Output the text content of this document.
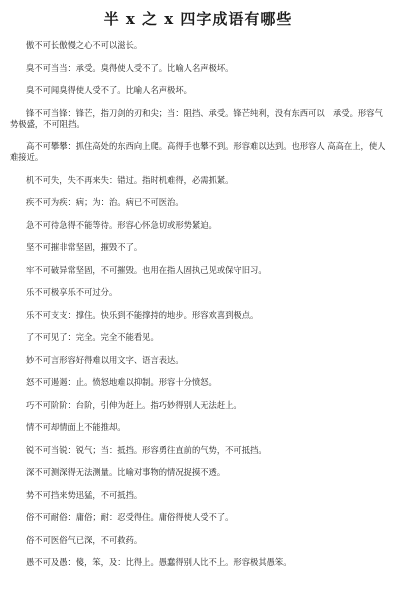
半 x 之 x 四字成语有哪些

傲不可长傲慢之心不可以滋长。

臭不可当当：承受。臭得使人受不了。比喻人名声极坏。

臭不可闻臭得使人受不了。比喻人名声极坏。

锋不可当锋：锋芒，指刀剑的刃和尖；当：阻挡、承受。锋芒纯利，没有东西可以　承受。形容气势极盛，不可阻挡。

高不可攀攀：抓住高处的东西向上爬。高得手也攀不到。形容难以达到。也形容人 高高在上，使人难接近。

机不可失，失不再来失：错过。指时机难得，必需抓紧。

疾不可为疾：病；为：治。病已不可医治。

急不可待急得不能等待。形容心怀急切或形势紧迫。

坚不可摧非常坚固，摧毁不了。

牢不可破异常坚固，不可摧毁。也用在指人固执己见或保守旧习。

乐不可极享乐不可过分。

乐不可支支：撑住。快乐到不能撑持的地步。形容欢喜到极点。

了不可见了：完全。完全不能看见。

妙不可言形容好得难以用文字、语言表达。

怒不可遏遏：止。愤怒地难以抑制。形容十分愤怒。

巧不可阶阶：台阶，引伸为赶上。指巧妙得别人无法赶上。

情不可却情面上不能推却。

锐不可当锐：锐气；当：抵挡。形容勇往直前的气势，不可抵挡。

深不可测深得无法测量。比喻对事物的情况捉摸不透。

势不可挡来势迅猛，不可抵挡。

俗不可耐俗：庸俗；耐：忍受得住。庸俗得使人受不了。

俗不可医俗气已深，不可救药。

愚不可及愚：傻，笨，及：比得上。愚蠢得别人比不上。形容极其愚笨。
